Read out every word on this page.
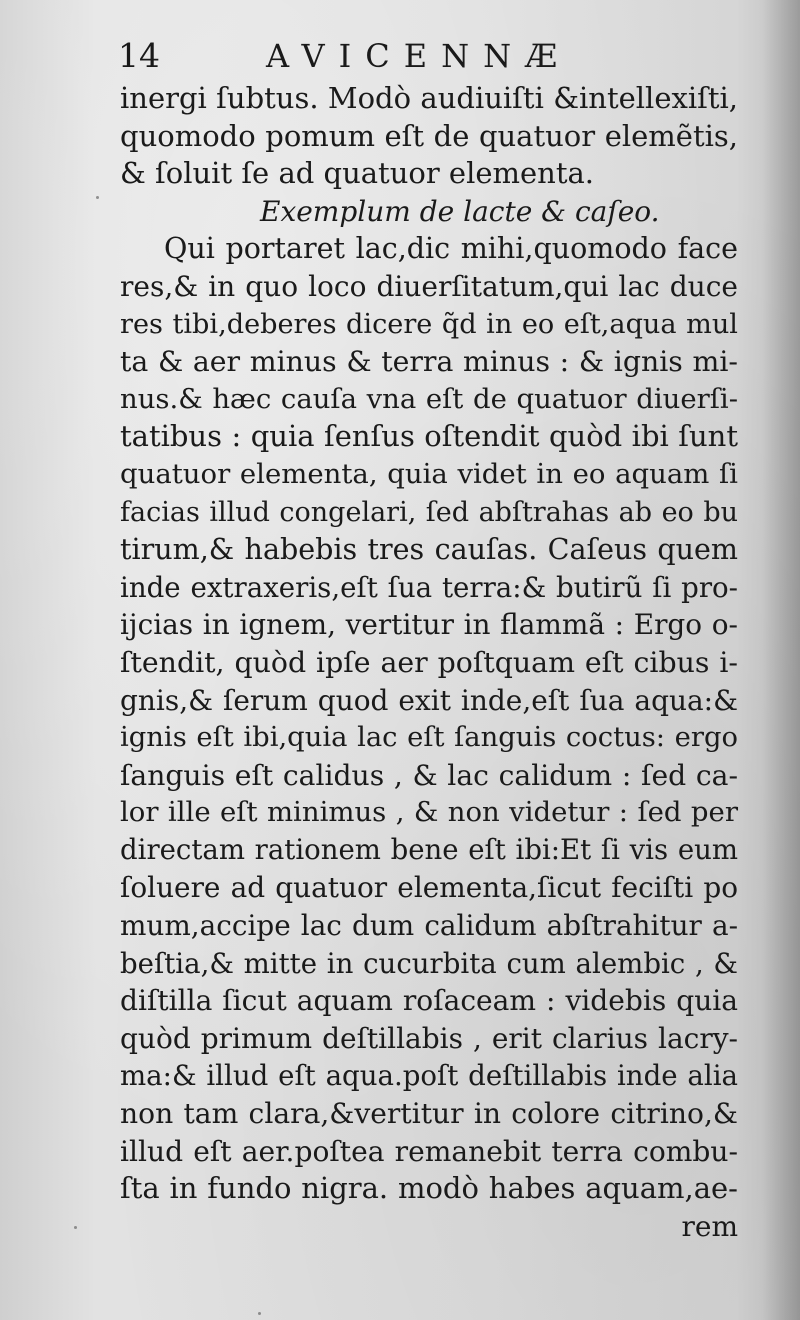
14	AVICENNÆ
inergi ſubtus. Modò audiuiſti &intellexiſti,
quomodo pomum eſt de quatuor elemẽtis,
& ſoluit ſe ad quatuor elementa.
Exemplum de lacte & caſeo.
Qui portaret lac,dic mihi,quomodo face
res,& in quo loco diuerſitatum,qui lac duce
res tibi,deberes dicere q̃d in eo eſt,aqua mul
ta & aer minus & terra minus : & ignis mi-
nus.& hæc cauſa vna eſt de quatuor diuerſi-
tatibus : quia ſenſus oſtendit quòd ibi ſunt
quatuor elementa, quia videt in eo aquam ſi
facias illud congelari, ſed abſtrahas ab eo bu
tirum,& habebis tres cauſas. Caſeus quem
inde extraxeris,eſt ſua terra:& butirũ ſi pro-
ijcias in ignem, vertitur in flammã : Ergo o-
ſtendit, quòd ipſe aer poſtquam eſt cibus i-
gnis,& ſerum quod exit inde,eſt ſua aqua:&
ignis eſt ibi,quia lac eſt ſanguis coctus: ergo
ſanguis eſt calidus , & lac calidum : ſed ca-
lor ille eſt minimus , & non videtur : ſed per
directam rationem bene eſt ibi:Et ſi vis eum
ſoluere ad quatuor elementa,ſicut feciſti po
mum,accipe lac dum calidum abſtrahitur a-
beſtia,& mitte in cucurbita cum alembic , &
diſtilla ſicut aquam roſaceam : videbis quia
quòd primum deſtillabis , erit clarius lacry-
ma:& illud eſt aqua.poſt deſtillabis inde alia
non tam clara,&vertitur in colore citrino,&
illud eſt aer.poſtea remanebit terra combu-
ſta in fundo nigra. modò habes aquam,ae-
rem
